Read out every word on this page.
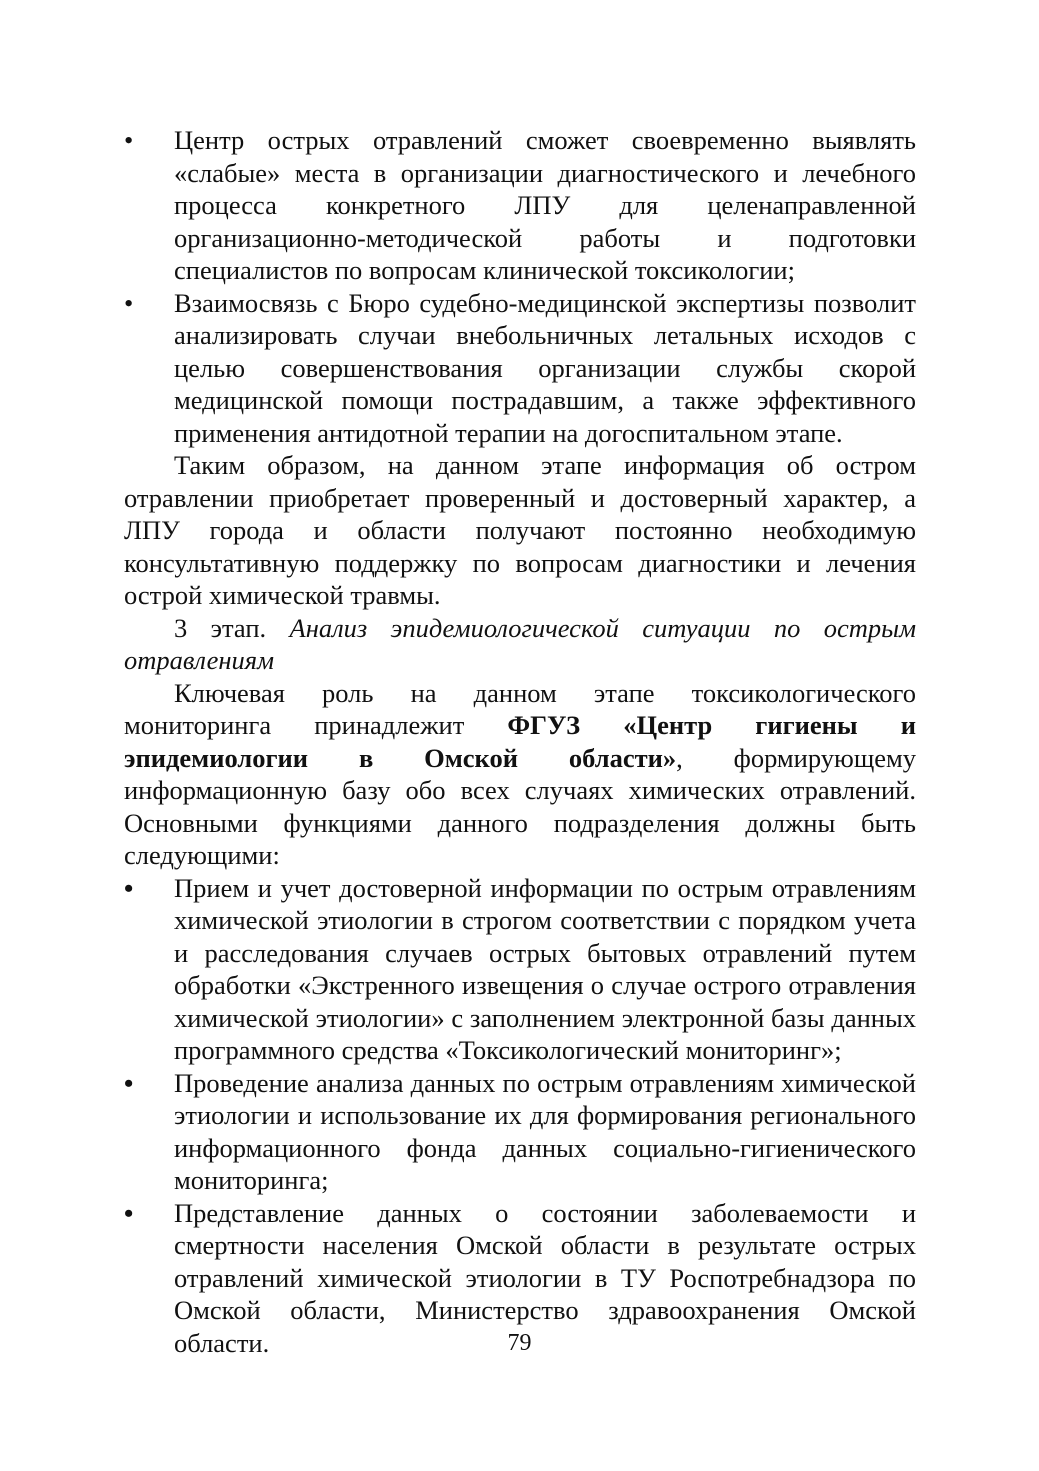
• Центр острых отравлений сможет своевременно выявлять «слабые» места в организации диагностического и лечебного процесса конкретного ЛПУ для целенаправленной организационно-методической работы и подготовки специалистов по вопросам клинической токсикологии;

• Взаимосвязь с Бюро судебно-медицинской экспертизы позволит анализировать случаи внебольничных летальных исходов с целью совершенствования организации службы скорой медицинской помощи пострадавшим, а также эффективного применения антидотной терапии на догоспитальном этапе.

Таким образом, на данном этапе информация об остром отравлении приобретает проверенный и достоверный характер, а ЛПУ города и области получают постоянно необходимую консультативную поддержку по вопросам диагностики и лечения острой химической травмы.

3 этап. Анализ эпидемиологической ситуации по острым отравлениям

Ключевая роль на данном этапе токсикологического мониторинга принадлежит ФГУЗ «Центр гигиены и эпидемиологии в Омской области», формирующему информационную базу обо всех случаях химических отравлений. Основными функциями данного подразделения должны быть следующими:

• Прием и учет достоверной информации по острым отравлениям химической этиологии в строгом соответствии с порядком учета и расследования случаев острых бытовых отравлений путем обработки «Экстренного извещения о случае острого отравления химической этиологии» с заполнением электронной базы данных программного средства «Токсикологический мониторинг»;

• Проведение анализа данных по острым отравлениям химической этиологии и использование их для формирования регионального информационного фонда данных социально-гигиенического мониторинга;

• Представление данных о состоянии заболеваемости и смертности населения Омской области в результате острых отравлений химической этиологии в ТУ Роспотребнадзора по Омской области, Министерство здравоохранения Омской области.	79
